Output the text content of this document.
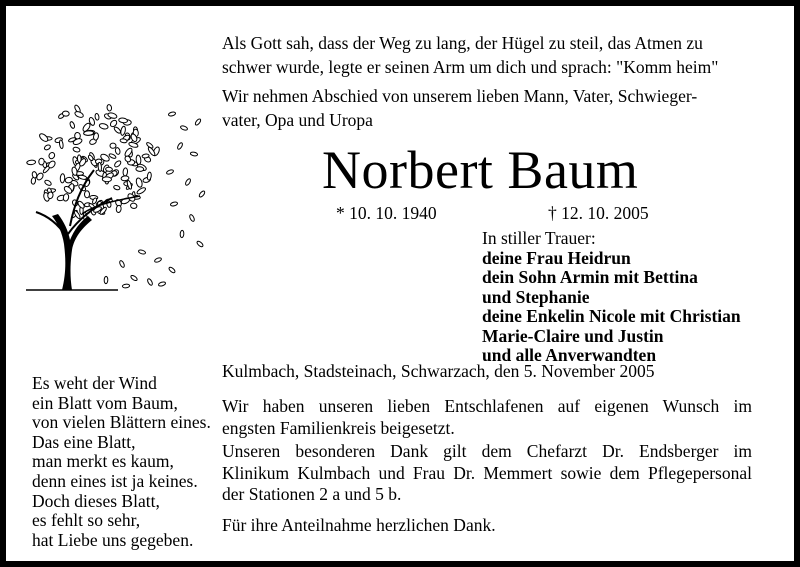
Als Gott sah, dass der Weg zu lang, der Hügel zu steil, das Atmen zu
schwer wurde, legte er seinen Arm um dich und sprach: "Komm heim"

Wir nehmen Abschied von unserem lieben Mann, Vater, Schwieger-
vater, Opa und Uropa

Norbert Baum
* 10. 10. 1940	† 12. 10. 2005
In stiller Trauer:
deine Frau Heidrun
dein Sohn Armin mit Bettina
und Stephanie
deine Enkelin Nicole mit Christian
Marie-Claire und Justin
und alle Anverwandten
Kulmbach, Stadsteinach, Schwarzach, den 5. November 2005

Wir haben unseren lieben Entschlafenen auf eigenen Wunsch im
engsten Familienkreis beigesetzt.

Unseren besonderen Dank gilt dem Chefarzt Dr. Endsberger im
Klinikum Kulmbach und Frau Dr. Memmert sowie dem Pflegepersonal
der Stationen 2 a und 5 b.

Für ihre Anteilnahme herzlichen Dank.

Es weht der Wind
ein Blatt vom Baum,
von vielen Blättern eines.
Das eine Blatt,
man merkt es kaum,
denn eines ist ja keines.
Doch dieses Blatt,
es fehlt so sehr,
hat Liebe uns gegeben.
